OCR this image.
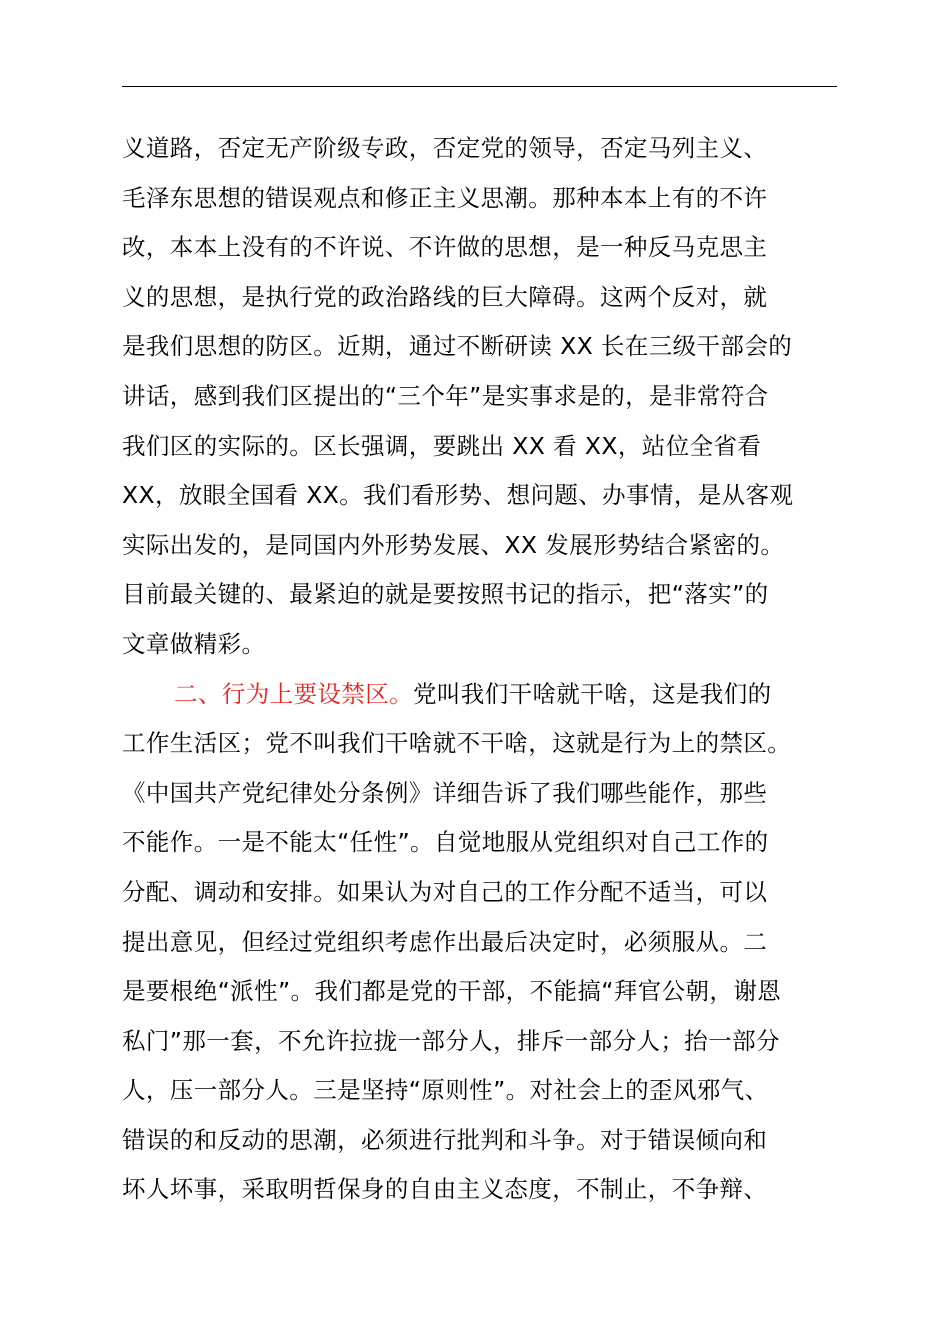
义道路，否定无产阶级专政，否定党的领导，否定马列主义、
毛泽东思想的错误观点和修正主义思潮。那种本本上有的不许
改，本本上没有的不许说、不许做的思想，是一种反马克思主
义的思想，是执行党的政治路线的巨大障碍。这两个反对，就
是我们思想的防区。近期，通过不断研读 XX 长在三级干部会的
讲话，感到我们区提出的“三个年”是实事求是的，是非常符合
我们区的实际的。区长强调，要跳出 XX 看 XX，站位全省看
XX，放眼全国看 XX。我们看形势、想问题、办事情，是从客观
实际出发的，是同国内外形势发展、XX 发展形势结合紧密的。
目前最关键的、最紧迫的就是要按照书记的指示，把“落实”的
文章做精彩。
二、行为上要设禁区。党叫我们干啥就干啥，这是我们的
工作生活区；党不叫我们干啥就不干啥，这就是行为上的禁区。
《中国共产党纪律处分条例》详细告诉了我们哪些能作，那些
不能作。一是不能太“任性”。自觉地服从党组织对自己工作的
分配、调动和安排。如果认为对自己的工作分配不适当，可以
提出意见，但经过党组织考虑作出最后决定时，必须服从。二
是要根绝“派性”。我们都是党的干部，不能搞“拜官公朝，谢恩
私门”那一套，不允许拉拢一部分人，排斥一部分人；抬一部分
人，压一部分人。三是坚持“原则性”。对社会上的歪风邪气、
错误的和反动的思潮，必须进行批判和斗争。对于错误倾向和
坏人坏事，采取明哲保身的自由主义态度，不制止，不争辩、
